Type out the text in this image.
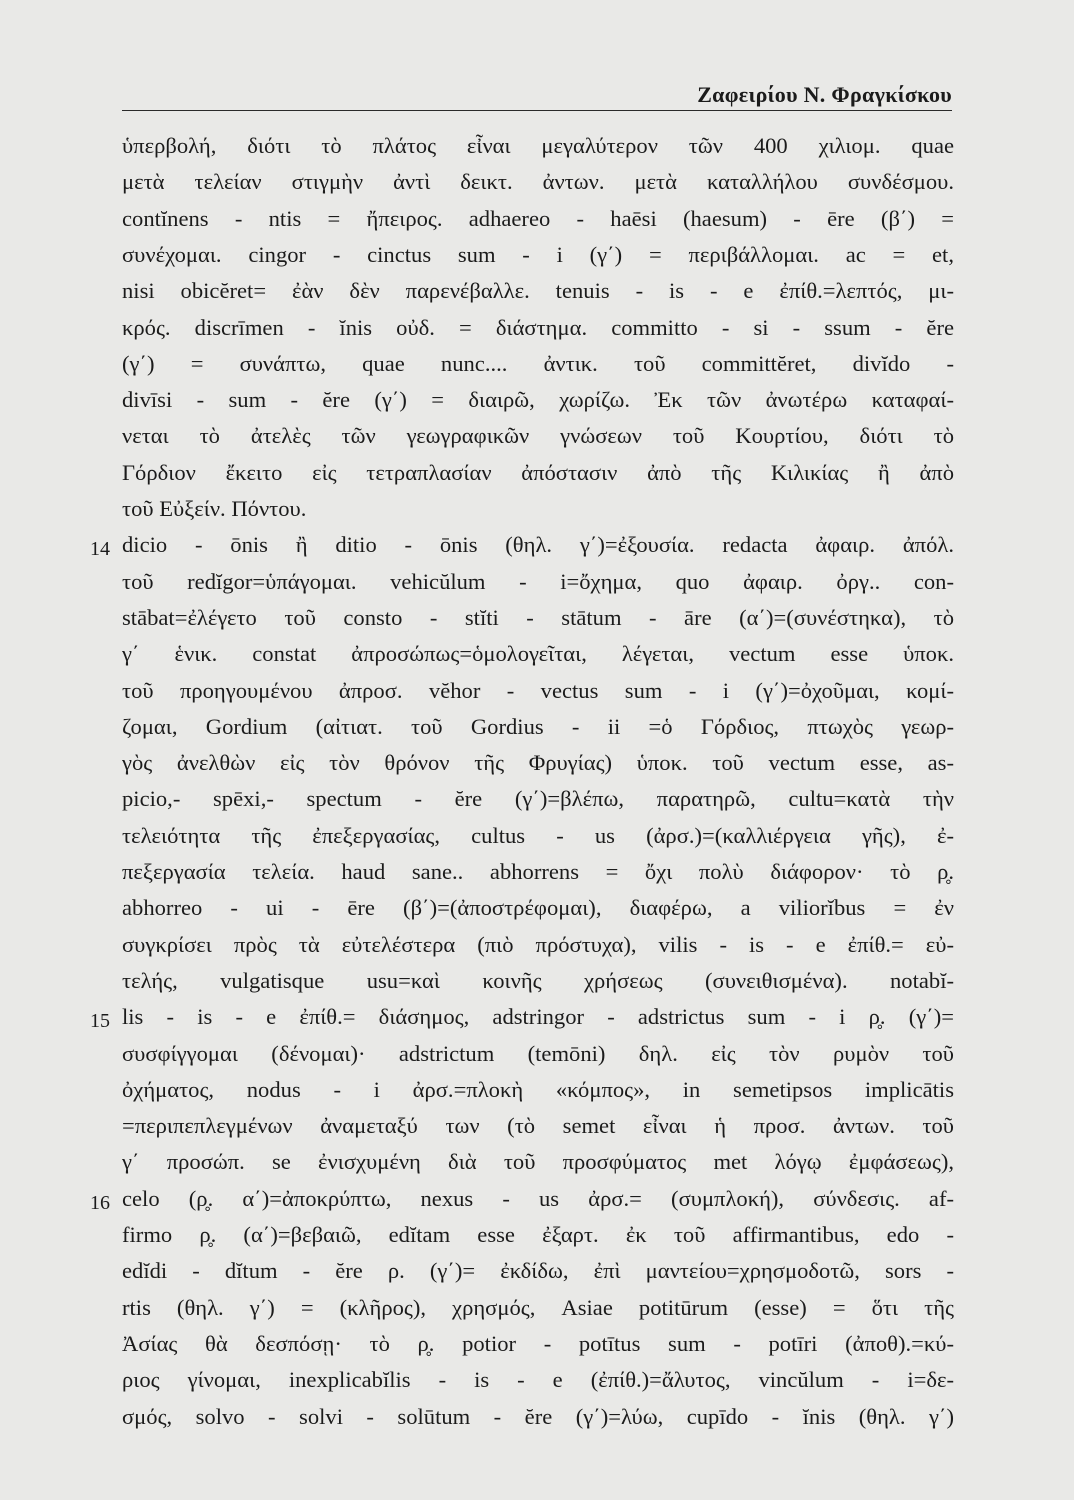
Ζαφειρίου Ν. Φραγκίσκου
ὑπερβολή, διότι τὸ πλάτος εἶναι μεγαλύτερον τῶν 400 χιλιομ. quae
μετὰ τελείαν στιγμὴν ἀντὶ δεικτ. ἀντων. μετὰ καταλλήλου συνδέσμου.
contĭnens - ntis = ἤπειρος. adhaereo - haēsi (haesum) - ēre (β΄) =
συνέχομαι. cingor - cinctus sum - i (γ΄) = περιβάλλομαι. ac = et,
nisi obicĕret= ἐὰν δὲν παρενέβαλλε. tenuis - is - e ἐπίθ.=λεπτός, μι-
κρός. discrīmen - ĭnis οὐδ. = διάστημα. committo - si - ssum - ĕre
(γ΄) = συνάπτω, quae nunc.... ἀντικ. τοῦ committĕret, divĭdo -
divīsi - sum - ĕre (γ΄) = διαιρῶ, χωρίζω. Ἐκ τῶν ἀνωτέρω καταφαί-
νεται τὸ ἀτελὲς τῶν γεωγραφικῶν γνώσεων τοῦ Κουρτίου, διότι τὸ
Γόρδιον ἔκειτο εἰς τετραπλασίαν ἀπόστασιν ἀπὸ τῆς Κιλικίας ἢ ἀπὸ
τοῦ Εὐξείν. Πόντου.
dicio - ōnis ἢ ditio - ōnis (θηλ. γ΄)=ἐξουσία. redacta ἀφαιρ. ἀπόλ.
τοῦ redĭgor=ὑπάγομαι. vehicŭlum - i=ὄχημα, quo ἀφαιρ. ὀργ.. con-
stābat=ἐλέγετο τοῦ consto - stĭti - stātum - āre (α΄)=(συνέστηκα), τὸ
γ΄ ἑνικ. constat ἀπροσώπως=ὁμολογεῖται, λέγεται, vectum esse ὑποκ.
τοῦ προηγουμένου ἀπροσ. vĕhor - vectus sum - i (γ΄)=ὀχοῦμαι, κομί-
ζομαι, Gordium (αἰτιατ. τοῦ Gordius - ii =ὁ Γόρδιος, πτωχὸς γεωρ-
γὸς ἀνελθὼν εἰς τὸν θρόνον τῆς Φρυγίας) ὑποκ. τοῦ vectum esse, as-
picio,- spēxi,- spectum - ĕre (γ΄)=βλέπω, παρατηρῶ, cultu=κατὰ τὴν
τελειότητα τῆς ἐπεξεργασίας, cultus - us (ἀρσ.)=(καλλιέργεια γῆς), ἐ-
πεξεργασία τελεία. haud sane.. abhorrens = ὄχι πολὺ διάφορον· τὸ ρ̥.
abhorreo - ui - ēre (β΄)=(ἀποστρέφομαι), διαφέρω, a viliorĭbus = ἐν
συγκρίσει πρὸς τὰ εὐτελέστερα (πιὸ πρόστυχα), vilis - is - e ἐπίθ.= εὐ-
τελής, vulgatisque usu=καὶ κοινῆς χρήσεως (συνειθισμένα). notabĭ-
lis - is - e ἐπίθ.= διάσημος, adstringor - adstrictus sum - i ρ̥. (γ΄)=
συσφίγγομαι (δένομαι)· adstrictum (temōni) δηλ. εἰς τὸν ρυμὸν τοῦ
ὀχήματος, nodus - i ἀρσ.=πλοκὴ «κόμπος», in semetipsos implicātis
=περιπεπλεγμένων ἀναμεταξύ των (τὸ semet εἶναι ἡ προσ. ἀντων. τοῦ
γ΄ προσώπ. se ἐνισχυμένη διὰ τοῦ προσφύματος met λόγῳ ἐμφάσεως),
celo (ρ̥. α΄)=ἀποκρύπτω, nexus - us ἀρσ.= (συμπλοκή), σύνδεσις. af-
firmo ρ̥. (α΄)=βεβαιῶ, edĭtam esse ἐξαρτ. ἐκ τοῦ affirmantibus, edo -
edĭdi - dĭtum - ĕre ρ. (γ΄)= ἐκδίδω, ἐπὶ μαντείου=χρησμοδοτῶ, sors -
rtis (θηλ. γ΄) = (κλῆρος), χρησμός, Asiae potitūrum (esse) = ὅτι τῆς
Ἀσίας θὰ δεσπόσῃ· τὸ ρ̥. potior - potītus sum - potīri (ἀποθ).=κύ-
ριος γίνομαι, inexplicabĭlis - is - e (ἐπίθ.)=ἄλυτος, vincŭlum - i=δε-
σμός, solvo - solvi - solūtum - ĕre (γ΄)=λύω, cupīdo - ĭnis (θηλ. γ΄)
14
15
16
